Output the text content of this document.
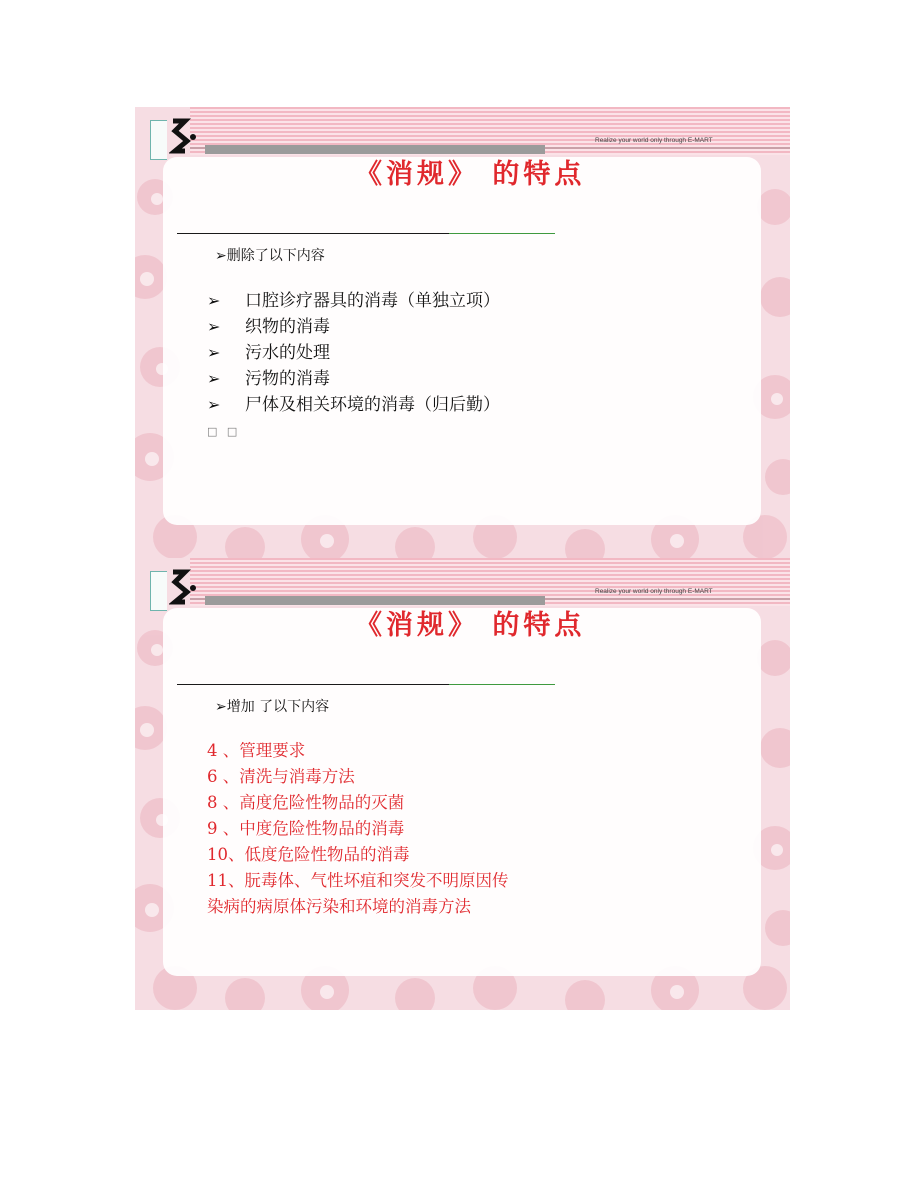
Realize your world only through E-MART
《消规》 的特点
➢删除了以下内容
➢ 口腔诊疗器具的消毒（单独立项）
➢ 织物的消毒
➢ 污水的处理
➢ 污物的消毒
➢ 尸体及相关环境的消毒（归后勤）
□ □
Realize your world only through E-MART
《消规》 的特点
➢增加 了以下内容
4 、管理要求
6 、清洗与消毒方法
8 、高度危险性物品的灭菌
9 、中度危险性物品的消毒
10、低度危险性物品的消毒
11、朊毒体、气性坏疽和突发不明原因传
染病的病原体污染和环境的消毒方法
